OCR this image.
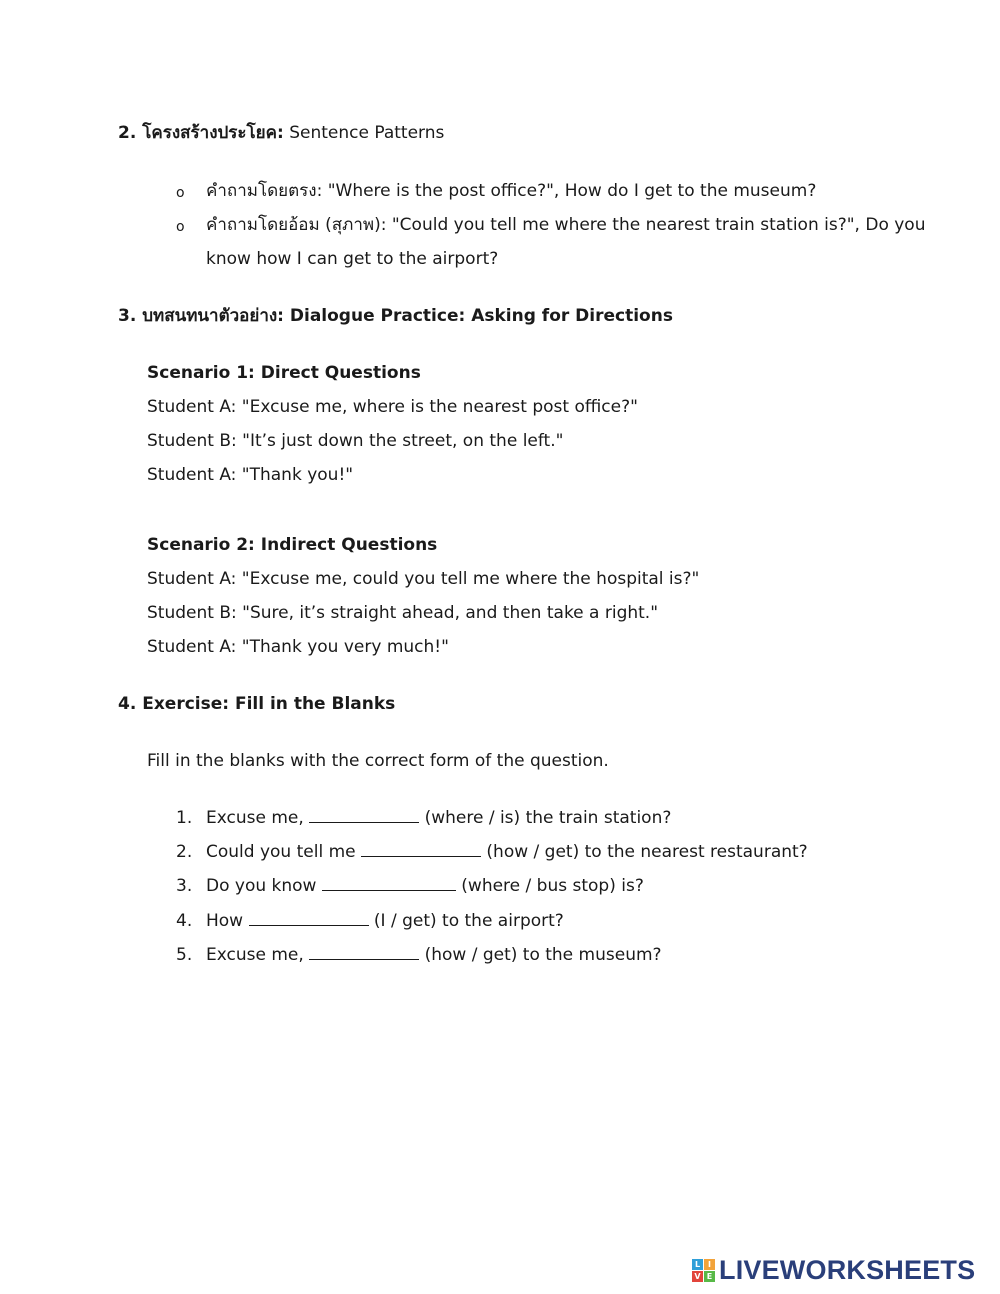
2. โครงสร้างประโยค: Sentence Patterns
o คำถามโดยตรง: "Where is the post office?", How do I get to the museum?
o คำถามโดยอ้อม (สุภาพ): "Could you tell me where the nearest train station is?", Do you
know how I can get to the airport?
3. บทสนทนาตัวอย่าง: Dialogue Practice: Asking for Directions
Scenario 1: Direct Questions
Student A: "Excuse me, where is the nearest post office?"
Student B: "It’s just down the street, on the left."
Student A: "Thank you!"
Scenario 2: Indirect Questions
Student A: "Excuse me, could you tell me where the hospital is?"
Student B: "Sure, it’s straight ahead, and then take a right."
Student A: "Thank you very much!"
4. Exercise: Fill in the Blanks
Fill in the blanks with the correct form of the question.
1. Excuse me,	(where / is) the train station?
2. Could you tell me	(how / get) to the nearest restaurant?
3. Do you know	(where / bus stop) is?
4. How	(I / get) to the airport?
5. Excuse me,	(how / get) to the museum?
L I
V E LIVEWORKSHEETS
